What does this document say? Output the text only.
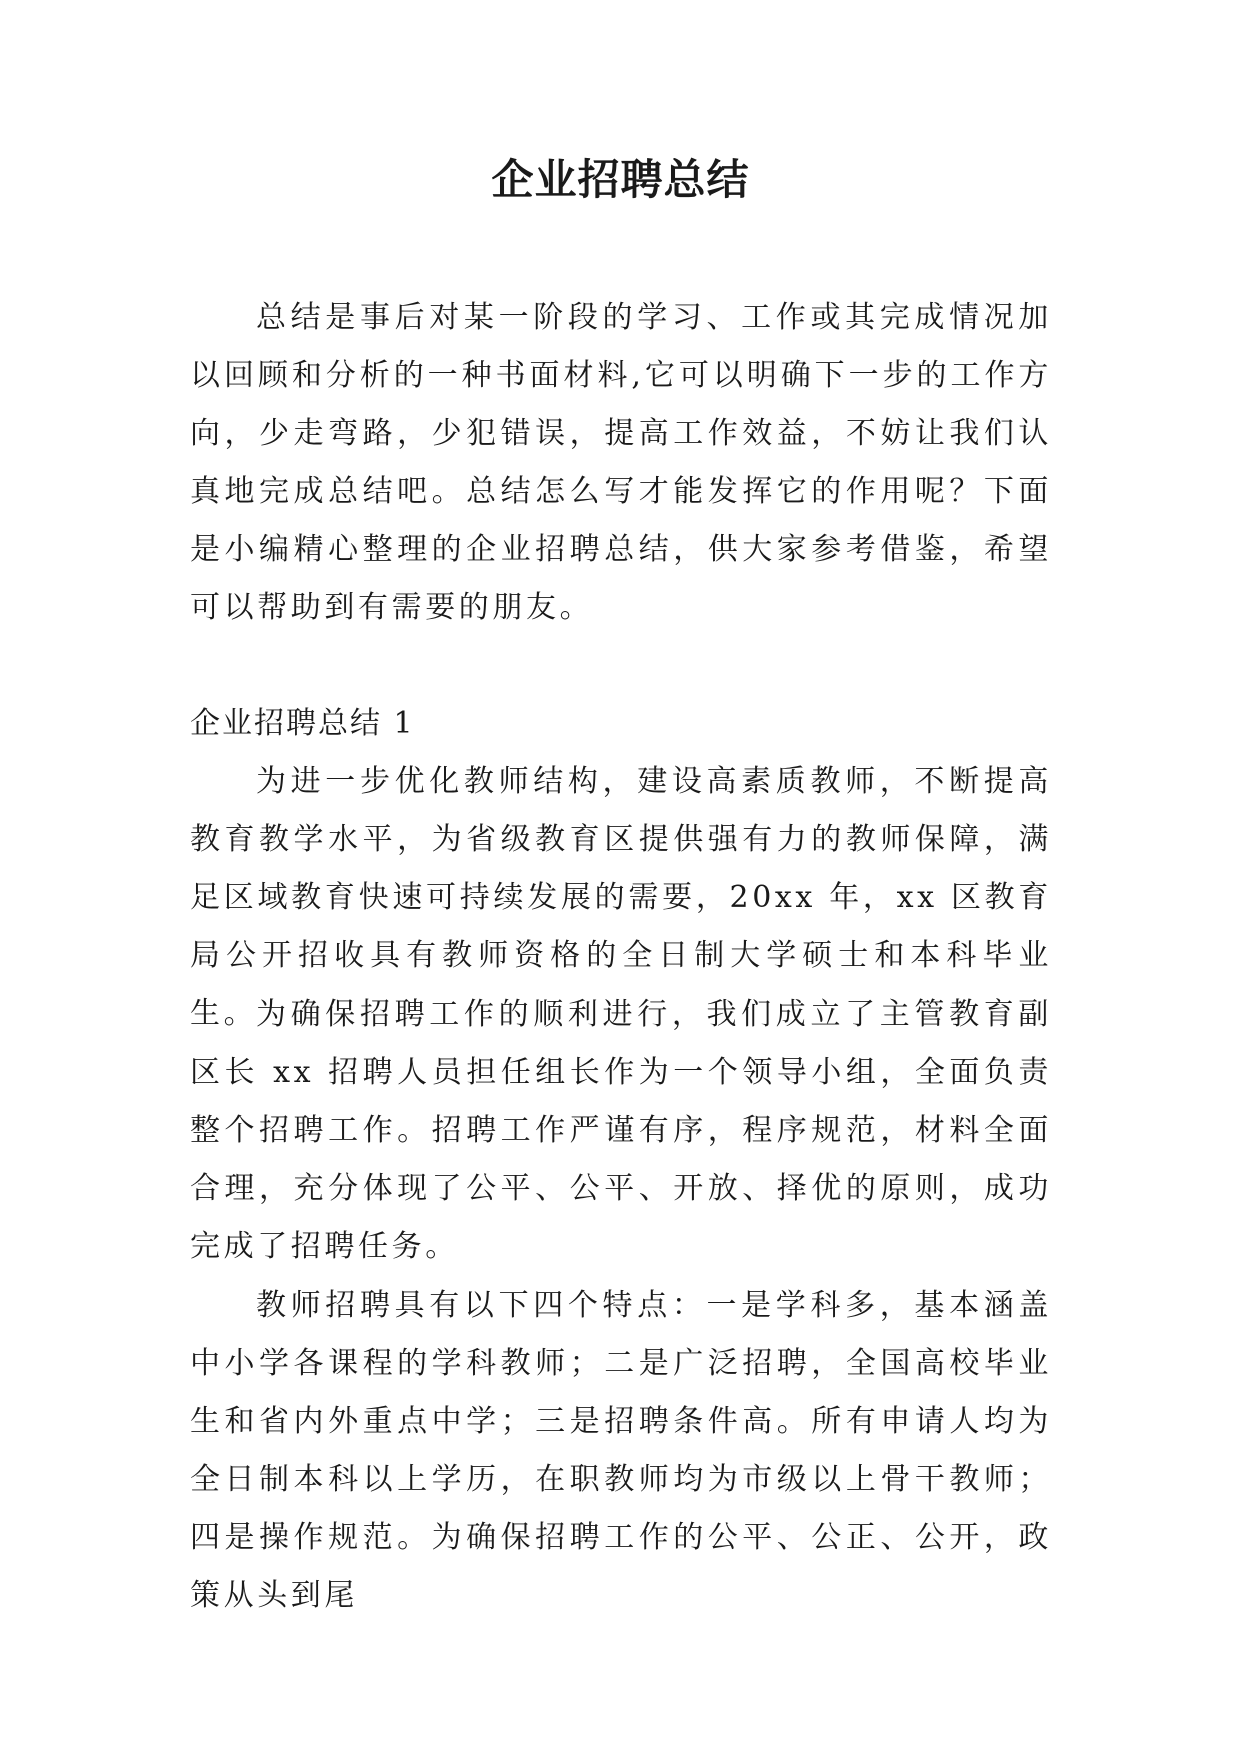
企业招聘总结

总结是事后对某一阶段的学习、工作或其完成情况加以回顾和分析的一种书面材料,它可以明确下一步的工作方向，少走弯路，少犯错误，提高工作效益，不妨让我们认真地完成总结吧。总结怎么写才能发挥它的作用呢？下面是小编精心整理的企业招聘总结，供大家参考借鉴，希望可以帮助到有需要的朋友。

企业招聘总结 1

为进一步优化教师结构，建设高素质教师，不断提高教育教学水平，为省级教育区提供强有力的教师保障，满足区域教育快速可持续发展的需要，20xx 年，xx 区教育局公开招收具有教师资格的全日制大学硕士和本科毕业生。

为确保招聘工作的顺利进行，我们成立了主管教育副区长 xx 招聘人员担任组长作为一个领导小组，全面负责整个招聘工作。招聘工作严谨有序，程序规范，材料全面合理，充分体现了公平、公平、开放、择优的原则，成功完成了招聘任务。

教师招聘具有以下四个特点：一是学科多，基本涵盖中小学各课程的学科教师；二是广泛招聘，全国高校毕业生和省内外重点中学；三是招聘条件高。所有申请人均为全日制本科以上学历，在职教师均为市级以上骨干教师；四是操作规范。为确保招聘工作的公平、公正、公开，政策从头到尾
